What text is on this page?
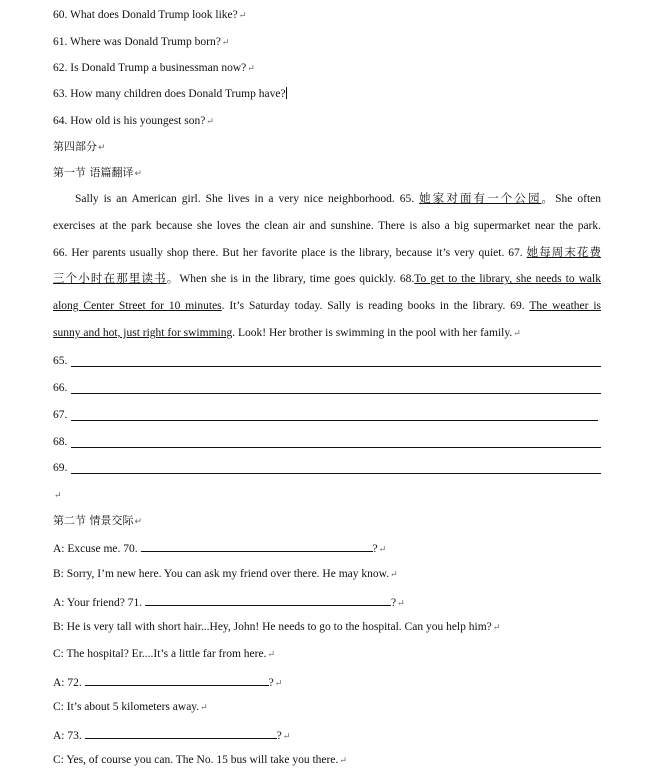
60. What does Donald Trump look like?↵
61. Where was Donald Trump born?↵
62. Is Donald Trump a businessman now?↵
63. How many children does Donald Trump have?
64. How old is his youngest son?↵
第四部分↵
第一节 语篇翻译↵
Sally is an American girl. She lives in a very nice neighborhood. 65. 她家对面有一个公园。She often
exercises at the park because she loves the clean air and sunshine. There is also a big supermarket near the park.
66. Her parents usually shop there. But her favorite place is the library, because it’s very quiet. 67. 她每周末花费
三个小时在那里读书。When she is in the library, time goes quickly. 68.To get to the library, she needs to walk
along Center Street for 10 minutes. It’s Saturday today. Sally is reading books in the library. 69. The weather is
sunny and hot, just right for swimming. Look! Her brother is swimming in the pool with her family.↵
65.
66.
67.
68.
69.
↵
第二节 情景交际↵
A: Excuse me. 70.	?↵
B: Sorry, I’m new here. You can ask my friend over there. He may know.↵
A: Your friend? 71.	?↵
B: He is very tall with short hair...Hey, John! He needs to go to the hospital. Can you help him?↵
C: The hospital? Er....It’s a little far from here.↵
A: 72.	?↵
C: It’s about 5 kilometers away.↵
A: 73.	?↵
C: Yes, of course you can. The No. 15 bus will take you there.↵
